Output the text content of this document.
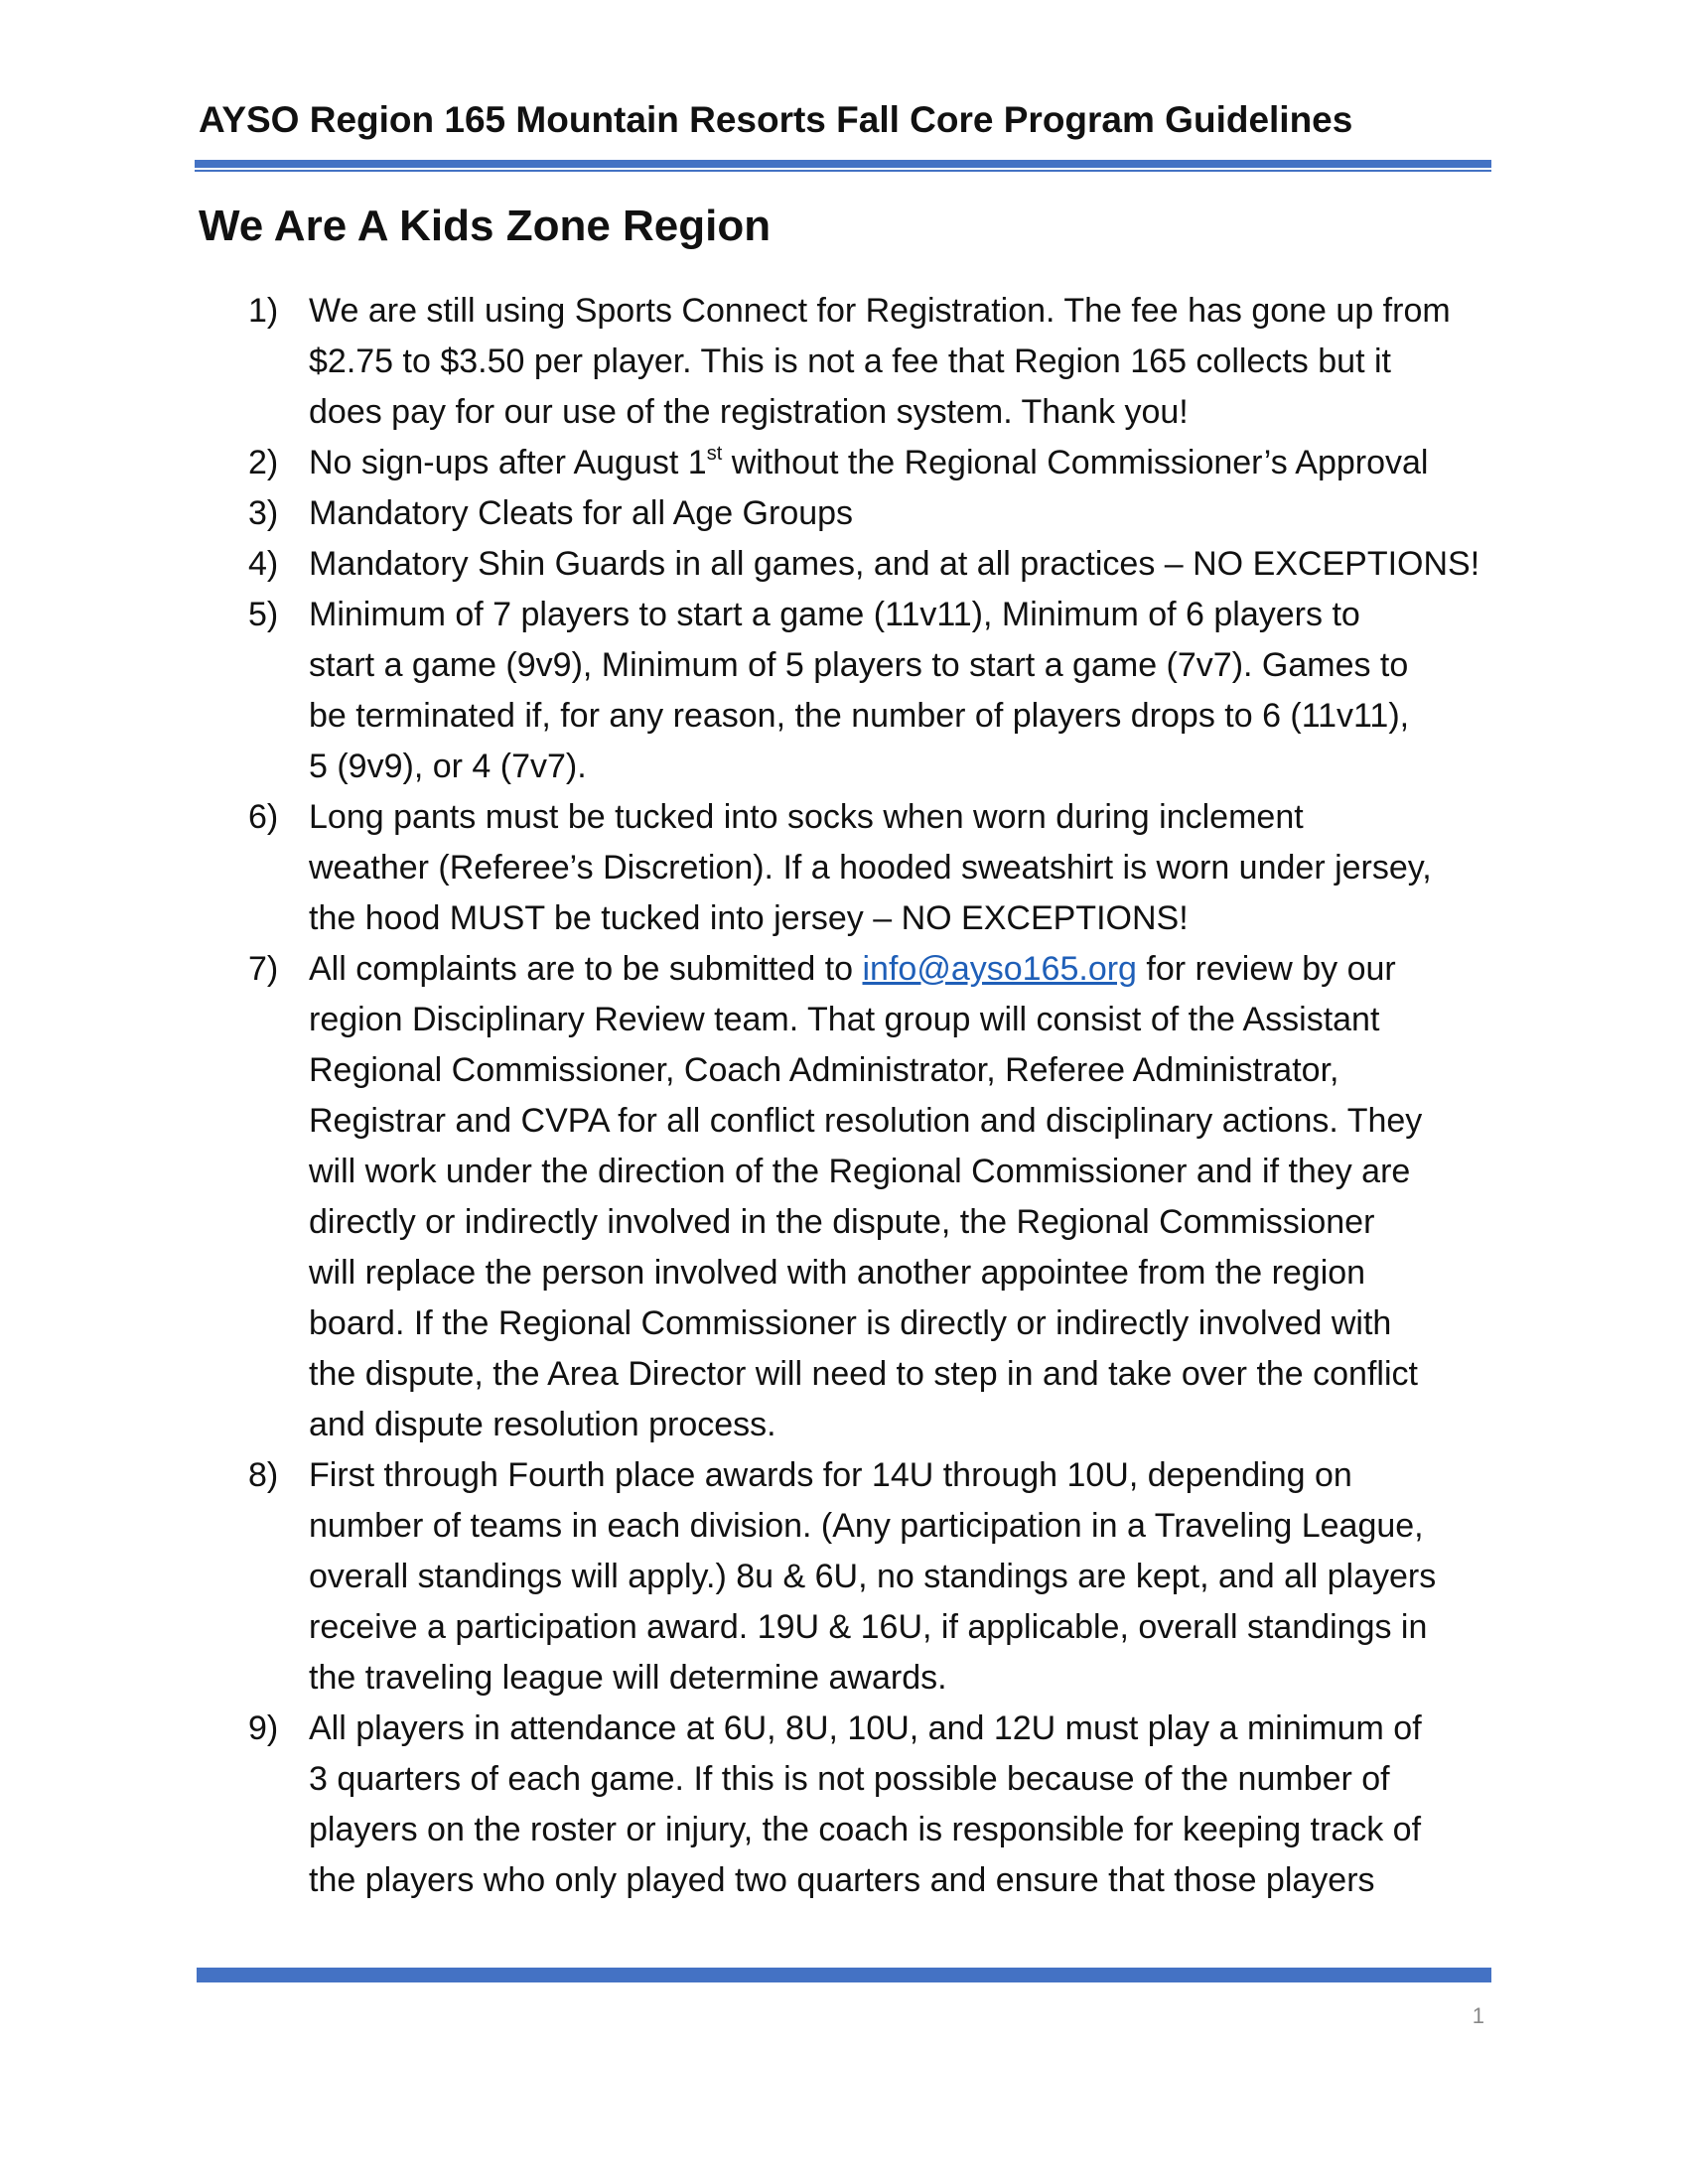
AYSO Region 165 Mountain Resorts Fall Core Program Guidelines
We Are A Kids Zone Region
1) We are still using Sports Connect for Registration. The fee has gone up from
$2.75 to $3.50 per player. This is not a fee that Region 165 collects but it
does pay for our use of the registration system. Thank you!
2) No sign-ups after August 1st without the Regional Commissioner’s Approval
3) Mandatory Cleats for all Age Groups
4) Mandatory Shin Guards in all games, and at all practices – NO EXCEPTIONS!
5) Minimum of 7 players to start a game (11v11), Minimum of 6 players to
start a game (9v9), Minimum of 5 players to start a game (7v7). Games to
be terminated if, for any reason, the number of players drops to 6 (11v11),
5 (9v9), or 4 (7v7).
6) Long pants must be tucked into socks when worn during inclement
weather (Referee’s Discretion). If a hooded sweatshirt is worn under jersey,
the hood MUST be tucked into jersey – NO EXCEPTIONS!
7) All complaints are to be submitted to info@ayso165.org for review by our
region Disciplinary Review team. That group will consist of the Assistant
Regional Commissioner, Coach Administrator, Referee Administrator,
Registrar and CVPA for all conflict resolution and disciplinary actions. They
will work under the direction of the Regional Commissioner and if they are
directly or indirectly involved in the dispute, the Regional Commissioner
will replace the person involved with another appointee from the region
board. If the Regional Commissioner is directly or indirectly involved with
the dispute, the Area Director will need to step in and take over the conflict
and dispute resolution process.
8) First through Fourth place awards for 14U through 10U, depending on
number of teams in each division. (Any participation in a Traveling League,
overall standings will apply.) 8u & 6U, no standings are kept, and all players
receive a participation award. 19U & 16U, if applicable, overall standings in
the traveling league will determine awards.
9) All players in attendance at 6U, 8U, 10U, and 12U must play a minimum of
3 quarters of each game. If this is not possible because of the number of
players on the roster or injury, the coach is responsible for keeping track of
the players who only played two quarters and ensure that those players
1
